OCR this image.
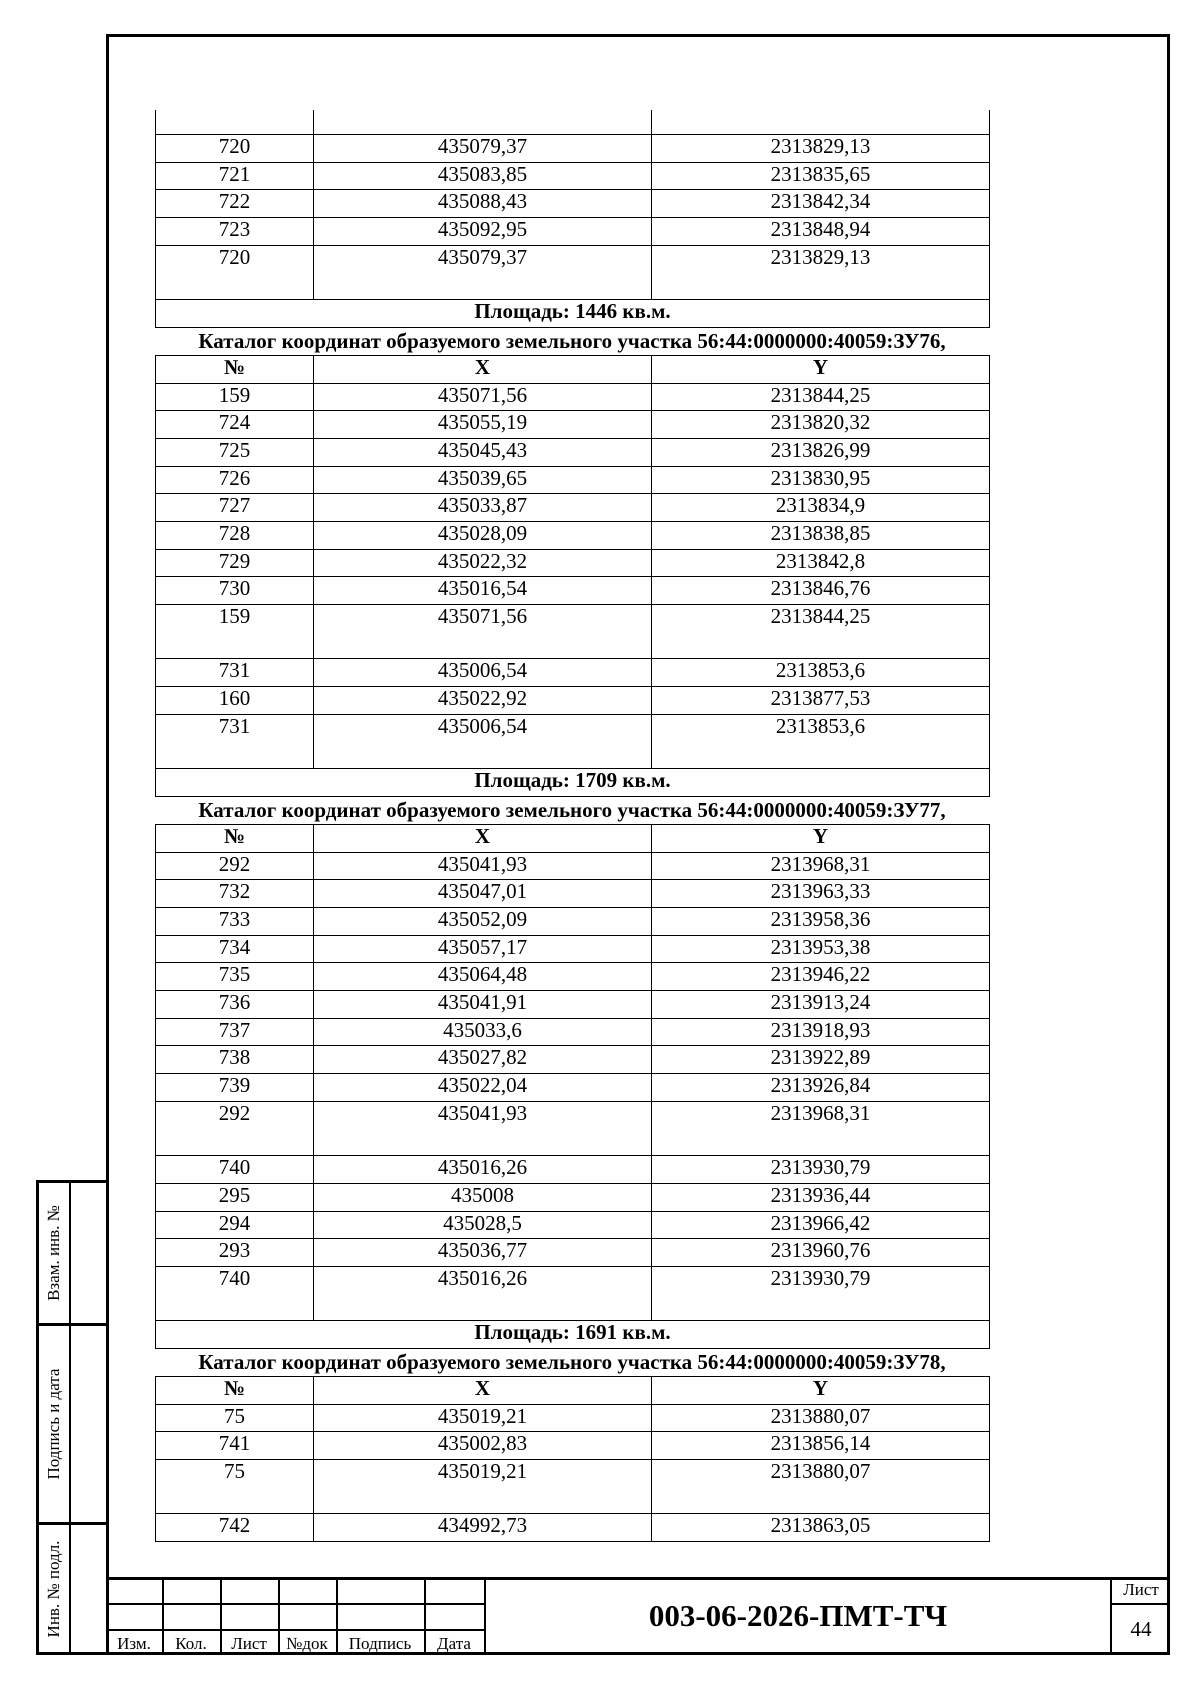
720	435079,37	2313829,13
721	435083,85	2313835,65
722	435088,43	2313842,34
723	435092,95	2313848,94
720	435079,37	2313829,13
Площадь: 1446 кв.м.		
Каталог координат образуемого земельного участка 56:44:0000000:40059:ЗУ76,
№	X	Y
159	435071,56	2313844,25
724	435055,19	2313820,32
725	435045,43	2313826,99
726	435039,65	2313830,95
727	435033,87	2313834,9
728	435028,09	2313838,85
729	435022,32	2313842,8
730	435016,54	2313846,76
159	435071,56	2313844,25
731	435006,54	2313853,6
160	435022,92	2313877,53
731	435006,54	2313853,6
Площадь: 1709 кв.м.		
Каталог координат образуемого земельного участка 56:44:0000000:40059:ЗУ77,
№	X	Y
292	435041,93	2313968,31
732	435047,01	2313963,33
733	435052,09	2313958,36
734	435057,17	2313953,38
735	435064,48	2313946,22
736	435041,91	2313913,24
737	435033,6	2313918,93
738	435027,82	2313922,89
739	435022,04	2313926,84
292	435041,93	2313968,31
740	435016,26	2313930,79
295	435008	2313936,44
294	435028,5	2313966,42
293	435036,77	2313960,76
740	435016,26	2313930,79
Площадь: 1691 кв.м.		
Каталог координат образуемого земельного участка 56:44:0000000:40059:ЗУ78,
№	X	Y
75	435019,21	2313880,07
741	435002,83	2313856,14
75	435019,21	2313880,07
742	434992,73	2313863,05
Взам. инв. №
Подпись и дата
Инв. № подл.
Изм.	Кол.	Лист	№док	Подпись	Дата
003-06-2026-ПМТ-ТЧ
Лист
44
